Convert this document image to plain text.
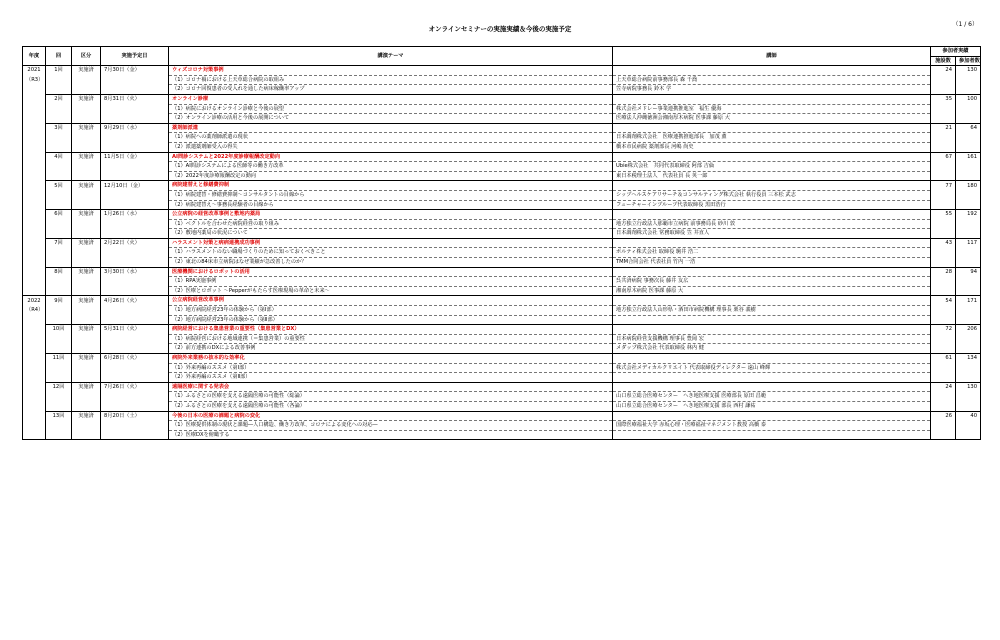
オンラインセミナーの実施実績＆今後の実施予定
（1 / 6）
年度	回	区分	実施予定日	講演テーマ	講師	参加者実績	
						施設数	参加者数
2021	1回	実施済	7月30日（金）	ウィズコロナ対策事例		24	130
（R3）				（1）コロナ禍における上天草総合病院の取組み	上天草総合病院前事務部長 森 千喬		
				（2）コロナ回復患者の受入れを通した病床稼働率アップ	笠寺病院事務長 鈴木 学		
	2回	実施済	8月31日（火）	オンライン診療		35	100
				（1）病院におけるオンライン診療と今後の展望	株式会社メドレー事業連携推進室　福生 優海		
				（2）オンライン診療の活用と今後の展開について	医療法人沖縄徳洲会湘南厚木病院 医事課 藤原 大		
	3回	実施済	9月29日（水）	薬剤師派遣		21	64
				（1）病院への薬剤師派遣の現状	日本調剤株式会社　医療連携推進部長　加茂 薫		
				（2）派遣薬剤師受入の得失	橋本市民病院 薬剤部長 河嶋 尚史		
	4回	実施済	11月5日（金）	AI問診システムと2022年度診療報酬改定動向		67	161
				（1）AI問診システムによる医師等の働き方改革	Ubie株式会社　共同代表取締役 阿部 吉倫		
				（2）2022年度診療報酬改定の動向	東日本税理士法人　代表社員 長 英一郎		
	5回	実施済	12月10日（金）	病院建替えと修繕費抑制		77	180
				（1）病院建替・修繕費抑制～コンサルタントの目線から	シップヘルスケアリサーチ＆コンサルティング株式会社 執行役員 三本松 武志		
				（2）病院建替え～事務長経験者の目線から	フューチャーインプループ代表取締役 黒田浩行		
	6回	実施済	1月26日（水）	公立病院の経営改革事例と敷地内薬局		55	192
				（1）ベクトルを合わせた病院経営の取り組み	地方独立行政法人那覇市立病院 前事務局長 砂川 敦		
				（2）敷地内薬局の状況について	日本調剤株式会社 常務取締役 笠 井直人		
	7回	実施済	2月22日（火）	ハラスメント対策と病病連携成功事例		43	117
				（1）ハラスメントのない職場づくりのために知っておくべきこと	ポルティ株式会社 取締役 駒井 浩二		
				（2）東北の84床市立病院はなぜ業績が急改善したのか？	TMM合同会社 代表社員 竹内 一浩		
	8回	実施済	3月30日（水）	医療機関におけるロボットの活用		28	94
				（1）RPA実施事例	呉共済病院 事務次長 藤井 友広		
				（2）医療とロボット ～Pepperがもたらす医療現場の革命と未来～	湘南厚木病院 医事課 藤原 大		
2022	9回	実施済	4月26日（火）	公立病院経営改革事例		54	171
（R4）				（1）地方病院経営23年の体験から（第Ⅰ部）	地方独立行政法人山形県・酒田市病院機構 理事長 栗谷 義樹		
				（2）地方病院経営23年の体験から（第Ⅱ部）			
	10回	実施済	5月31日（火）	病院経営における集患営業の重要性（集患営業とDX）		72	206
				（1）病院経営における地域連携（＝集患営業）の重要性	日本病院経営支援機構 理事長 豊岡 宏		
				（2）前方連携のDXによる改善事例	メダップ株式会社 代表取締役 林内 健		
	11回	実施済	6月28日（火）	病院外来業務の抜本的な効率化		61	134
				（1）外来再編のススメ（第Ⅰ部）	株式会社メディカルクリエイト 代表取締役ディレクター 遠山 峰輝		
				（2）外来再編のススメ（第Ⅱ部）			
	12回	実施済	7月26日（火）	遠隔医療に関する発表会		24	130
				（1）ふるさとの医療を支える遠隔医療の可能性（総論）	山口県立総合医療センター　へき地医療支援 医療部長 原田 昌範		
				（2）ふるさとの医療を支える遠隔医療の可能性（各論）	山口県立総合医療センター　へき地医療支援 部長 西村 謙祐		
	13回	実施済	8月20日（土）	今後の日本の医療の課題と病院の変化		26	40
				（1）医療提供体制の現状と課題―人口構造、働き方改革、コロナによる変化への対応―	国際医療福祉大学 赤坂心理・医療福祉マネジメント教授 高橋 泰		
				（2）医療DXを俯瞰する			
